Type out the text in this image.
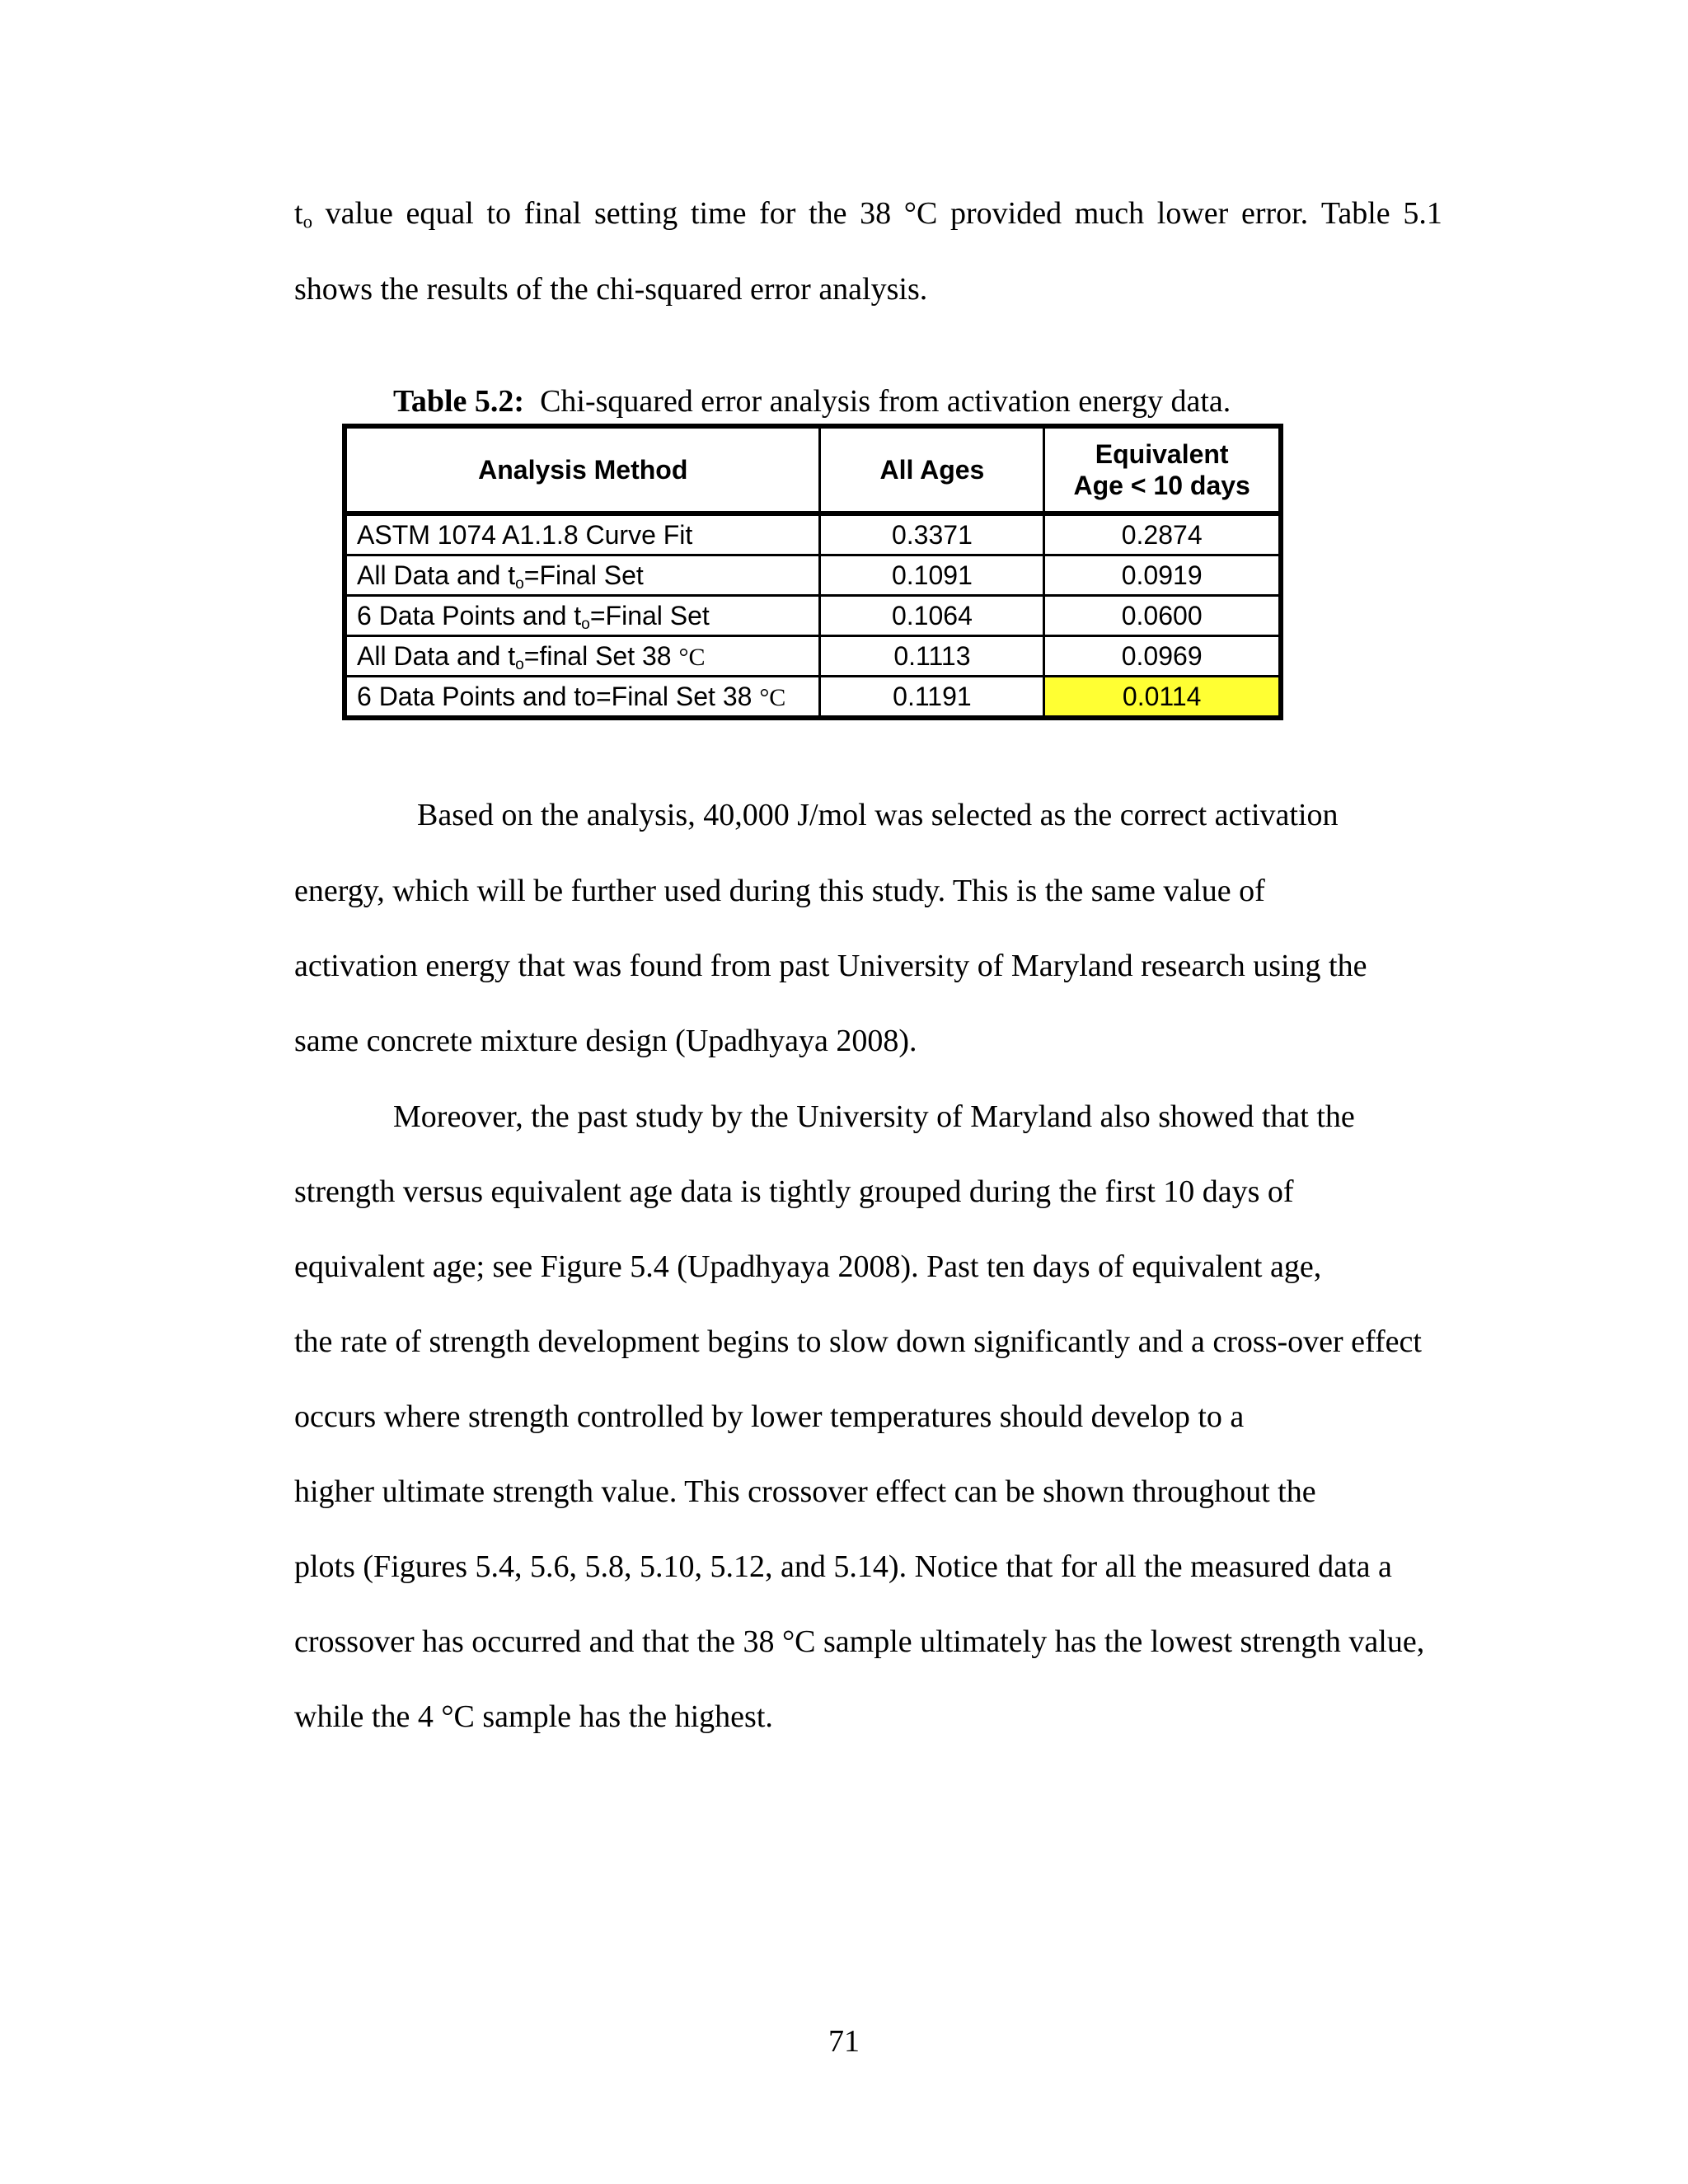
$t_o$ value equal to final setting time for the 38 °C provided much lower error. Table 5.1
shows the results of the chi-squared error analysis.
Table 5.2: Chi-squared error analysis from activation energy data.
Analysis Method	All Ages	Equivalent
Age < 10 days

ASTM 1074 A1.1.8 Curve Fit	0.3371	0.2874
All Data and $t_o=Final$ Set	0.1091	0.0919
6 Data Points and $t_o=Final$ Set	0.1064	0.0600
All Data and $t_o=final$ Set 38 °C	0.1113	0.0969
6 Data Points and to=Final Set 38 °C	0.1191	0.0114
Based on the analysis, 40,000 J/mol was selected as the correct activation
energy, which will be further used during this study. This is the same value of
activation energy that was found from past University of Maryland research using the
same concrete mixture design (Upadhyaya 2008).
Moreover, the past study by the University of Maryland also showed that the
strength versus equivalent age data is tightly grouped during the first 10 days of
equivalent age; see Figure 5.4 (Upadhyaya 2008). Past ten days of equivalent age,
the rate of strength development begins to slow down significantly and a cross-over effect
occurs where strength controlled by lower temperatures should develop to a
higher ultimate strength value. This crossover effect can be shown throughout the
plots (Figures 5.4, 5.6, 5.8, 5.10, 5.12, and 5.14). Notice that for all the measured data a
crossover has occurred and that the 38 °C sample ultimately has the lowest strength value,
while the 4 °C sample has the highest.
71
